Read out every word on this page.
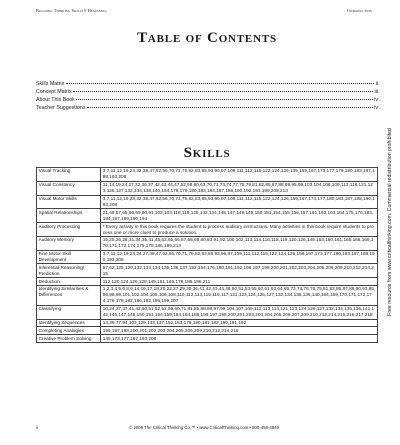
Building Thinking Skills® Beginning	Introduction
Table of Contents
Skills Matrix	ii
Concept Matrix	iii
About This Book	iv
Teacher Suggestions	iv
Skills
Visual Tracking	3,7,11,12,19,23,32,38,47,52,56,70,71,75,82,83,85,93,96,97,109,111,112,115,122,124,126,135,159,167,173,177,179,180,183,187,188,193,208
Visual Constancy	11,14,19,24,27,32,36,37,42,43,44,47,52,58,60,63,70,71,73,74,77,78,79,81,82,85,87,88,89,95,99,103,104,108,109,113,118,121,123,125,127,132,134,138,140,154,176,179,180,183,184,187,188,190,192,193,199,208,213
Visual Motor Skills	3,7,11,12,19,23,32,38,47,52,56,70,71,75,82,83,85,93,96,97,109,111,112,115,122,124,126,159,167,173,177,180,183,187,188,190,193,208
Spatial Relationships	21,49,57,65,66,69,80,91,102,103,118,119,125,132,134,148,147,148,149,150,151,154,155,156,157,161,162,163,164,175,176,183,184,187,189,190,194
Auditory Processing	* Every activity in this book requires the student to process auditory instructions. Many activities in this book require students to process one or more clues to produce a solution.
Auditory Memory	15,25,26,28,31,34,35,41,45,62,65,66,67,68,69,80,83,91,92,100,102,113,114,116,118,119,120,126,149,153,160,161,165,166,169,170,171,172,174,175,178,186,189,213
Fine Motor Skill Development	3,7,11,12,19,23,24,27,38,47,52,56,70,71,75,82,83,85,93,96,97,109,111,112,115,122,124,126,159,167,173,177,180,183,187,188,190,193,208
Inferential Reasoning/ Prediction	57,62,125,129,132,133,134,135,136,137,152,154,176,180,191,192,196,197,198,200,201,202,203,204,205,206,209,210,212,214,215
Deduction	112,120,124,126,128,149,161,165,178,185,186,211
Identifying Similarities & Differences	1,2,3,4,5,6,8,9,14,16,17,18,20,22,27,29,30,36,41,42,43,44,48,50,51,53,55,60,61,63,64,65,73,74,76,78,79,81,83,86,87,89,90,93,95,96,98,99,101,102,104,105,106,108,110,112,113,115,116,117,121,123,124,126,127,132,134,135,136,140,164,169,170,171,172,174,176,178,182,186,192,195,199,207
Classifying	10,24,27,37,41,42,50,51,52,53,59,60,71,81,85,88,89,97,99,104,107,109,112,113,114,121,123,124,126,127,132,134,135,136,141,142,146,147,148,150,151,154,159,164,184,188,198,197,198,200,201,202,203,204,205,206,207,209,210,212,214,215,216,217,218
Identifying Sequences	13,39,77,94,103,129,133,137,152,153,176,180,181,182,190,191,192
Completing Analogies	196,197,198,200,201,202,203,204,205,206,209,210,212,214,215
Creative Problem Solving	145,173,177,187,193,208
Free resource from www.criticalthinking.com. Commercial redistribution prohibited
ii	© 2008 The Critical Thinking Co.™ • www.CriticalThinking.com • 800-458-4849
